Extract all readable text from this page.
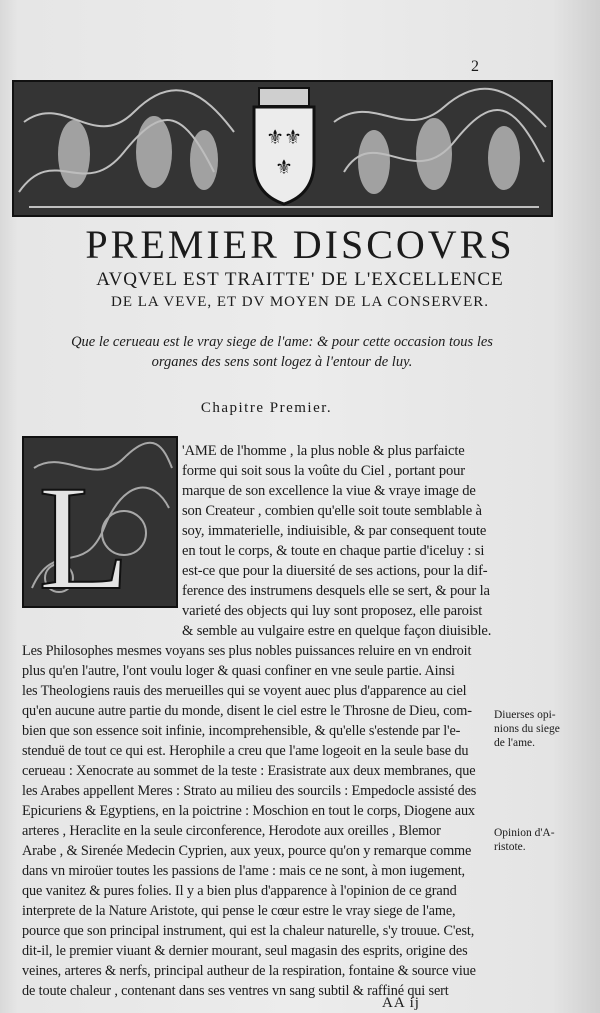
2
⚜⚜
⚜
PREMIER DISCOVRS
AVQVEL EST TRAITTE' DE L'EXCELLENCE
DE LA VEVE, ET DV MOYEN DE LA CONSERVER.
Que le cerueau est le vray siege de l'ame: & pour cette occasion tous les organes des sens sont logez à l'entour de luy.
Chapitre Premier.
L
'AME de l'homme , la plus noble & plus parfaicte
forme qui soit sous la voûte du Ciel , portant pour
marque de son excellence la viue & vraye image de
son Createur , combien qu'elle soit toute semblable à
soy, immaterielle, indiuisible, & par consequent toute
en tout le corps, & toute en chaque partie d'iceluy : si
est-ce que pour la diuersité de ses actions, pour la dif-
ference des instrumens desquels elle se sert, & pour la
varieté des objects qui luy sont proposez, elle paroist
& semble au vulgaire estre en quelque façon diuisible.
Les Philosophes mesmes voyans ses plus nobles puissances reluire en vn endroit
plus qu'en l'autre, l'ont voulu loger & quasi confiner en vne seule partie. Ainsi
les Theologiens rauis des merueilles qui se voyent auec plus d'apparence au ciel
qu'en aucune autre partie du monde, disent le ciel estre le Throsne de Dieu, com-
bien que son essence soit infinie, incomprehensible, & qu'elle s'estende par l'e-
stenduë de tout ce qui est. Herophile a creu que l'ame logeoit en la seule base du
cerueau : Xenocrate au sommet de la teste : Erasistrate aux deux membranes, que
les Arabes appellent Meres : Strato au milieu des sourcils : Empedocle assisté des
Epicuriens & Egyptiens, en la poictrine : Moschion en tout le corps, Diogene aux
arteres , Heraclite en la seule circonference, Herodote aux oreilles , Blemor
Arabe , & Sirenée Medecin Cyprien, aux yeux, pource qu'on y remarque comme
dans vn miroüer toutes les passions de l'ame : mais ce ne sont, à mon iugement,
que vanitez & pures folies. Il y a bien plus d'apparence à l'opinion de ce grand
interprete de la Nature Aristote, qui pense le cœur estre le vray siege de l'ame,
pource que son principal instrument, qui est la chaleur naturelle, s'y trouue. C'est,
dit-il, le premier viuant & dernier mourant, seul magasin des esprits, origine des
veines, arteres & nerfs, principal autheur de la respiration, fontaine & source viue
de toute chaleur , contenant dans ses ventres vn sang subtil & raffiné qui sert
Diuerses opi-
nions du siege
de l'ame.
Opinion d'A-
ristote.
AA ij
